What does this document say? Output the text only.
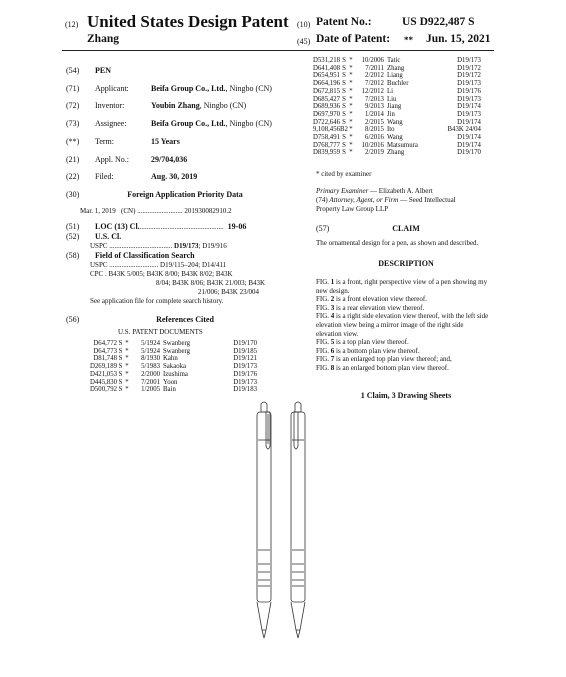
(12) United States Design Patent
Zhang
(10) Patent No.:	US D922,487 S
(45) Date of Patent: ** Jun. 15, 2021
(54) PEN
(71) Applicant:	Beifa Group Co., Ltd., Ningbo (CN)
(72) Inventor:	Youbin Zhang, Ningbo (CN)
(73) Assignee:	Beifa Group Co., Ltd., Ningbo (CN)
(**) Term:	15 Years
(21) Appl. No.:	29/704,036
(22) Filed:	Aug. 30, 2019
(30)	Foreign Application Priority Data
Mar. 1, 2019 (CN) .......................... 201930082910.2
(51) LOC (13) Cl................................................. 19-06
(52) U.S. Cl.
USPC .................................... D19/173; D19/916
(58) Field of Classification Search
USPC ............................ D19/115–204; D14/411
CPC . B43K 5/005; B43K 8/00; B43K 8/02; B43K
8/04; B43K 8/06; B43K 21/003; B43K
21/006; B43K 23/004
See application file for complete search history.
(56)	References Cited
U.S. PATENT DOCUMENTS
D64,772	S	*	5/1924	Swanberg	D19/170
D64,773	S	*	5/1924	Swanberg	D19/185
D81,748	S	*	8/1930	Kahn	D19/121
D269,189	S	*	5/1983	Sakaoka	D19/173
D421,053	S	*	2/2000	Izushima	D19/176
D445,830	S	*	7/2001	Yoon	D19/173
D500,792	S	*	1/2005	Bain	D19/183
D531,218	S	*	10/2006	Tatic	D19/173
D641,408	S	*	7/2011	Zhang	D19/172
D654,951	S	*	2/2012	Liang	D19/172
D664,196	S	*	7/2012	Buchler	D19/173
D672,815	S	*	12/2012	Li	D19/176
D685,427	S	*	7/2013	Liu	D19/173
D689,936	S	*	9/2013	Jiang	D19/174
D697,970	S	*	1/2014	Jin	D19/173
D722,646	S	*	2/2015	Wang	D19/174
9,108,456	B2	*	8/2015	Ito	B43K 24/04
D758,491	S	*	6/2016	Wang	D19/174
D768,777	S	*	10/2016	Matsumura	D19/174
D839,959	S	*	2/2019	Zhang	D19/170
* cited by examiner
Primary Examiner — Elizabeth A. Albert
(74) Attorney, Agent, or Firm — Seed Intellectual
Property Law Group LLP
(57)	CLAIM
The ornamental design for a pen, as shown and described.
DESCRIPTION

FIG. 1 is a front, right perspective view of a pen showing my

new design.

FIG. 2 is a front elevation view thereof.

FIG. 3 is a rear elevation view thereof.

FIG. 4 is a right side elevation view thereof, with the left side

elevation view being a mirror image of the right side

elevation view.

FIG. 5 is a top plan view thereof.

FIG. 6 is a bottom plan view thereof.

FIG. 7 is an enlarged top plan view thereof; and,

FIG. 8 is an enlarged bottom plan view thereof.

1 Claim, 3 Drawing Sheets
